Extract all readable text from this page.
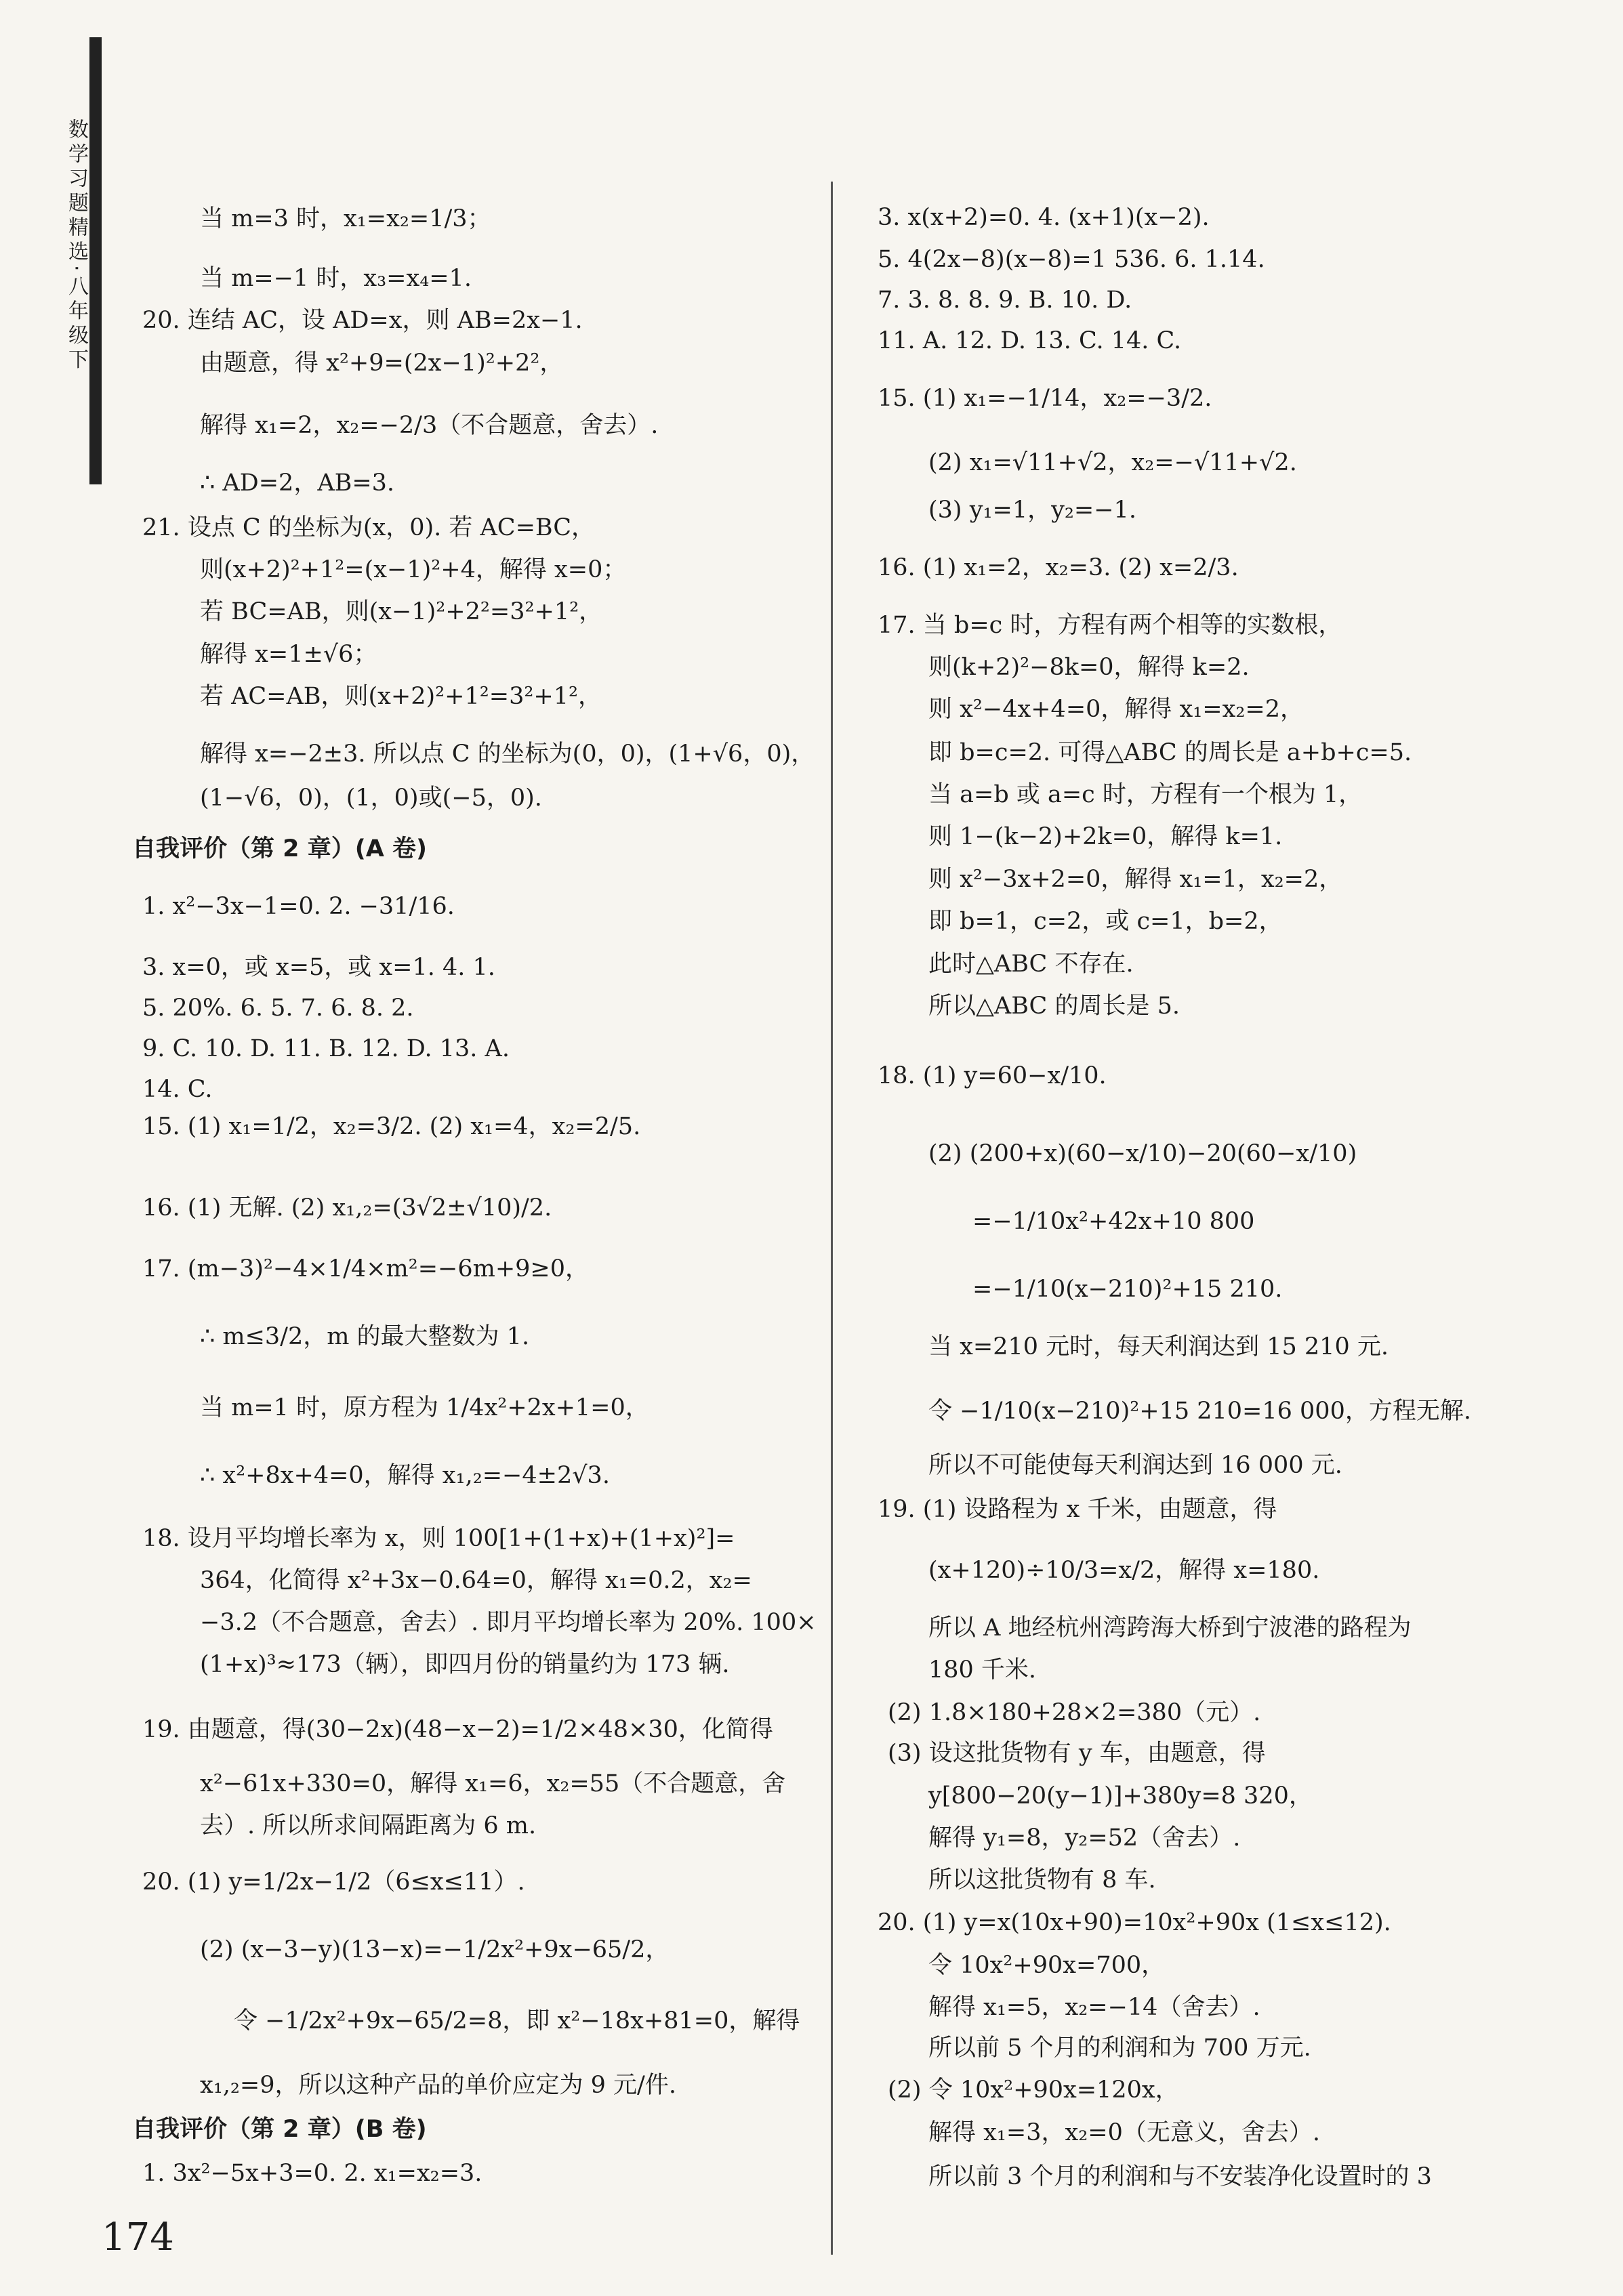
数学习题精选·八年级下	当 m=3 时，x₁=x₂=1/3；
当 m=−1 时，x₃=x₄=1.
20. 连结 AC，设 AD=x，则 AB=2x−1.
由题意，得 x²+9=(2x−1)²+2²，
解得 x₁=2，x₂=−2/3（不合题意，舍去）.
∴ AD=2，AB=3.
21. 设点 C 的坐标为(x，0). 若 AC=BC，
则(x+2)²+1²=(x−1)²+4，解得 x=0；
若 BC=AB，则(x−1)²+2²=3²+1²，
解得 x=1±√6；
若 AC=AB，则(x+2)²+1²=3²+1²，
解得 x=−2±3. 所以点 C 的坐标为(0，0)，(1+√6，0)，
(1−√6，0)，(1，0)或(−5，0).
自我评价（第 2 章）(A 卷)
1. x²−3x−1=0. 2. −31/16.
3. x=0，或 x=5，或 x=1. 4. 1.
5. 20%. 6. 5. 7. 6. 8. 2.
9. C. 10. D. 11. B. 12. D. 13. A.
14. C.
15. (1) x₁=1/2，x₂=3/2. (2) x₁=4，x₂=2/5.
16. (1) 无解. (2) x₁,₂=(3√2±√10)/2.
17. (m−3)²−4×1/4×m²=−6m+9≥0，
∴ m≤3/2，m 的最大整数为 1.
当 m=1 时，原方程为 1/4x²+2x+1=0，
∴ x²+8x+4=0，解得 x₁,₂=−4±2√3.
18. 设月平均增长率为 x，则 100[1+(1+x)+(1+x)²]=
364，化简得 x²+3x−0.64=0，解得 x₁=0.2，x₂=
−3.2（不合题意，舍去）. 即月平均增长率为 20%. 100×
(1+x)³≈173（辆），即四月份的销量约为 173 辆.
19. 由题意，得(30−2x)(48−x−2)=1/2×48×30，化简得
x²−61x+330=0，解得 x₁=6，x₂=55（不合题意，舍
去）. 所以所求间隔距离为 6 m.
20. (1) y=1/2x−1/2（6≤x≤11）.
(2) (x−3−y)(13−x)=−1/2x²+9x−65/2，
令 −1/2x²+9x−65/2=8，即 x²−18x+81=0，解得
x₁,₂=9，所以这种产品的单价应定为 9 元/件.
自我评价（第 2 章）(B 卷)
1. 3x²−5x+3=0. 2. x₁=x₂=3.
3. x(x+2)=0. 4. (x+1)(x−2).
5. 4(2x−8)(x−8)=1 536. 6. 1.14.
7. 3. 8. 8. 9. B. 10. D.
11. A. 12. D. 13. C. 14. C.
15. (1) x₁=−1/14，x₂=−3/2.
(2) x₁=√11+√2，x₂=−√11+√2.
(3) y₁=1，y₂=−1.
16. (1) x₁=2，x₂=3. (2) x=2/3.
17. 当 b=c 时，方程有两个相等的实数根，
则(k+2)²−8k=0，解得 k=2.
则 x²−4x+4=0，解得 x₁=x₂=2，
即 b=c=2. 可得△ABC 的周长是 a+b+c=5.
当 a=b 或 a=c 时，方程有一个根为 1，
则 1−(k−2)+2k=0，解得 k=1.
则 x²−3x+2=0，解得 x₁=1，x₂=2，
即 b=1，c=2，或 c=1，b=2，
此时△ABC 不存在.
所以△ABC 的周长是 5.
18. (1) y=60−x/10.
(2) (200+x)(60−x/10)−20(60−x/10)
=−1/10x²+42x+10 800
=−1/10(x−210)²+15 210.
当 x=210 元时，每天利润达到 15 210 元.
令 −1/10(x−210)²+15 210=16 000，方程无解.
所以不可能使每天利润达到 16 000 元.
19. (1) 设路程为 x 千米，由题意，得
(x+120)÷10/3=x/2，解得 x=180.
所以 A 地经杭州湾跨海大桥到宁波港的路程为
180 千米.
(2) 1.8×180+28×2=380（元）.
(3) 设这批货物有 y 车，由题意，得
y[800−20(y−1)]+380y=8 320，
解得 y₁=8，y₂=52（舍去）.
所以这批货物有 8 车.
20. (1) y=x(10x+90)=10x²+90x (1≤x≤12).
令 10x²+90x=700，
解得 x₁=5，x₂=−14（舍去）.
所以前 5 个月的利润和为 700 万元.
(2) 令 10x²+90x=120x，
解得 x₁=3，x₂=0（无意义，舍去）.
所以前 3 个月的利润和与不安装净化设置时的 3
174
